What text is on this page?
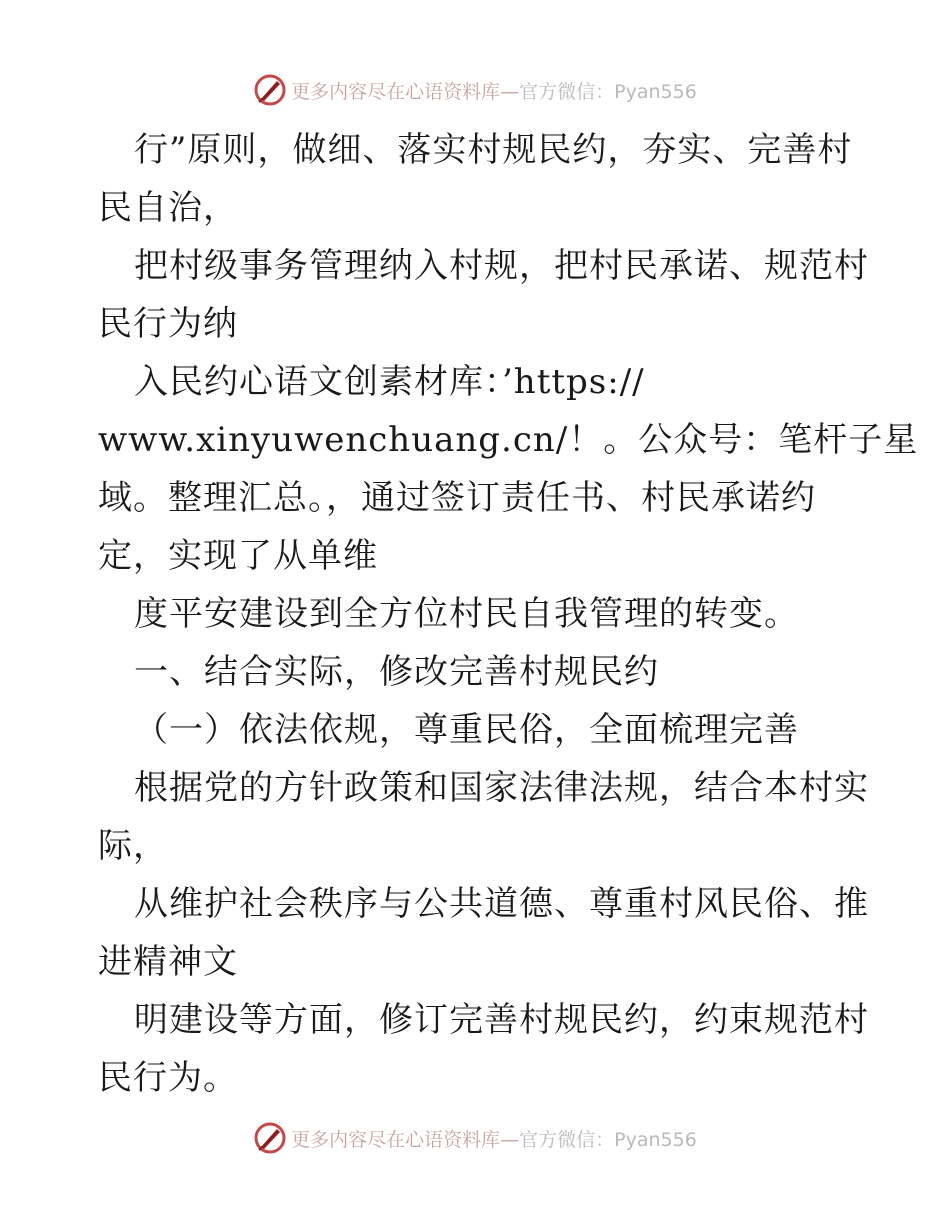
更多内容尽在心语资料库— 官方微信：Pyan556
行”原则，做细、落实村规民约，夯实、完善村
民自治，
把村级事务管理纳入村规，把村民承诺、规范村
民行为纳
入民约心语文创素材库：’https://
www.xinyuwenchuang.cn/！。公众号：笔杆子星
域。整理汇总。，通过签订责任书、村民承诺约
定，实现了从单维
度平安建设到全方位村民自我管理的转变。
一、结合实际，修改完善村规民约
（一）依法依规，尊重民俗，全面梳理完善
根据党的方针政策和国家法律法规，结合本村实
际，
从维护社会秩序与公共道德、尊重村风民俗、推
进精神文
明建设等方面，修订完善村规民约，约束规范村
民行为。
更多内容尽在心语资料库— 官方微信：Pyan556
